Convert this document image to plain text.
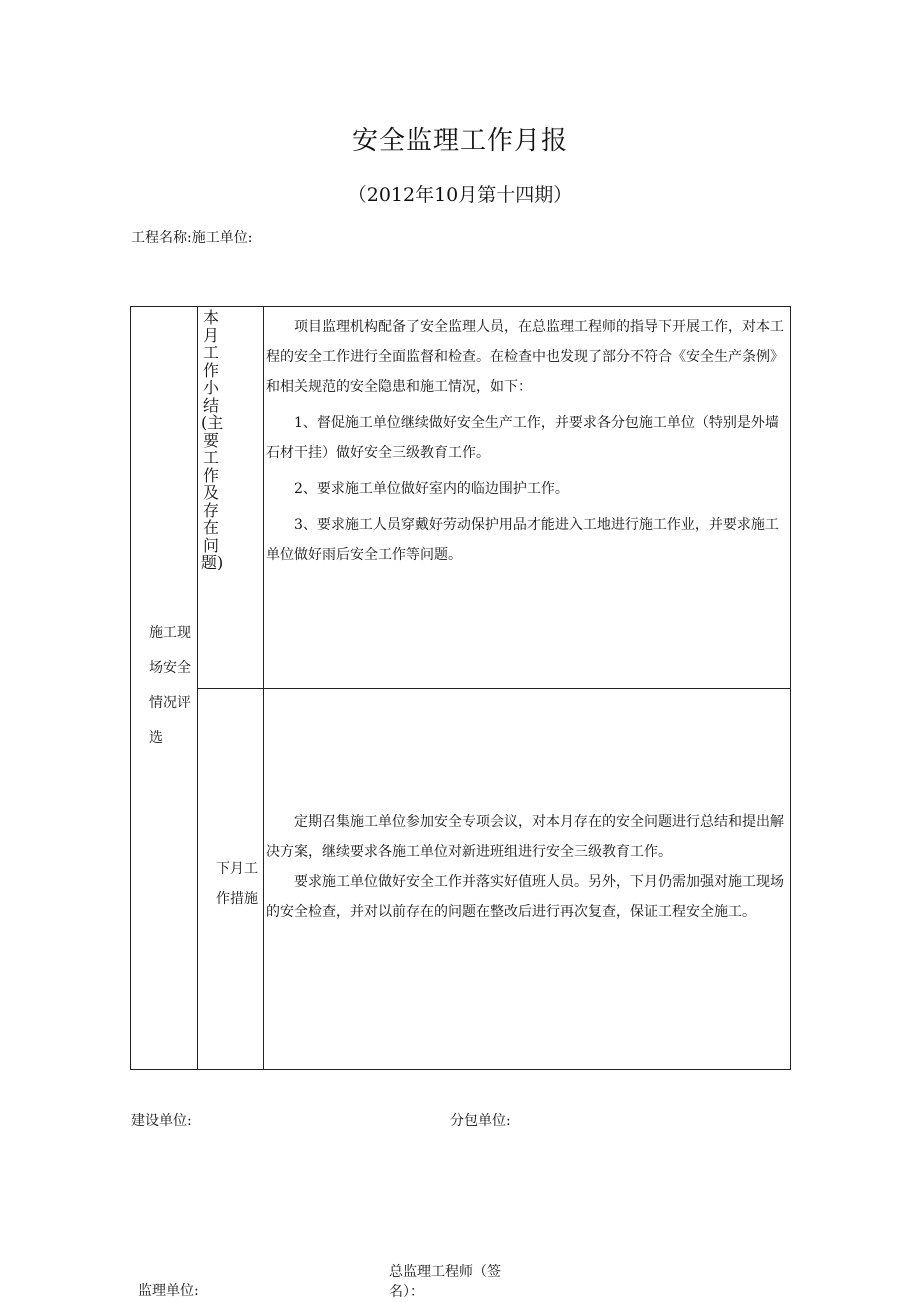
安全监理工作月报
（2012年10月第十四期）
工程名称:施工单位:
施工现场安全情况评选
本月工作小结(主要工作及存在问题)

项目监理机构配备了安全监理人员，在总监理工程师的指导下开展工作，对本工程的安全工作进行全面监督和检查。在检查中也发现了部分不符合《安全生产条例》和相关规范的安全隐患和施工情况，如下：

1、督促施工单位继续做好安全生产工作，并要求各分包施工单位（特别是外墙石材干挂）做好安全三级教育工作。

2、要求施工单位做好室内的临边围护工作。

3、要求施工人员穿戴好劳动保护用品才能进入工地进行施工作业，并要求施工单位做好雨后安全工作等问题。

下月工作措施

定期召集施工单位参加安全专项会议，对本月存在的安全问题进行总结和提出解决方案，继续要求各施工单位对新进班组进行安全三级教育工作。

要求施工单位做好安全工作并落实好值班人员。另外，下月仍需加强对施工现场的安全检查，并对以前存在的问题在整改后进行再次复查，保证工程安全施工。

建设单位:	分包单位:
监理单位:
总监理工程师（签名）：
